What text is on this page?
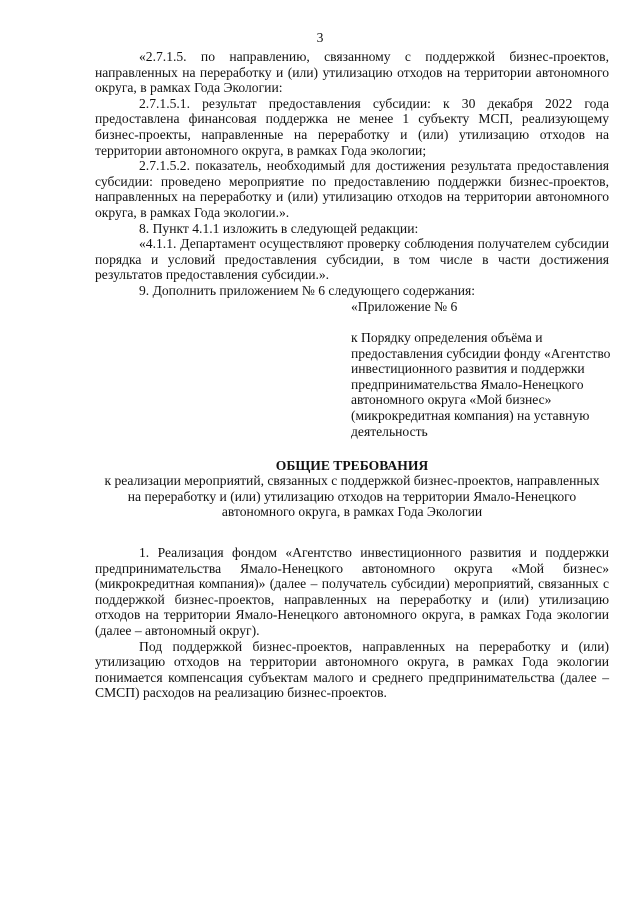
3

«2.7.1.5. по направлению, связанному с поддержкой бизнес-проектов, направленных на переработку и (или) утилизацию отходов на территории автономного округа, в рамках Года Экологии:

2.7.1.5.1. результат предоставления субсидии: к 30 декабря 2022 года предоставлена финансовая поддержка не менее 1 субъекту МСП, реализующему бизнес-проекты, направленные на переработку и (или) утилизацию отходов на территории автономного округа, в рамках Года экологии;

2.7.1.5.2. показатель, необходимый для достижения результата предоставления субсидии: проведено мероприятие по предоставлению поддержки бизнес-проектов, направленных на переработку и (или) утилизацию отходов на территории автономного округа, в рамках Года экологии.».

8. Пункт 4.1.1 изложить в следующей редакции:

«4.1.1. Департамент осуществляют проверку соблюдения получателем субсидии порядка и условий предоставления субсидии, в том числе в части достижения результатов предоставления субсидии.».

9. Дополнить приложением № 6 следующего содержания:

«Приложение № 6
к Порядку определения объёма и предоставления субсидии фонду «Агентство инвестиционного развития и поддержки предпринимательства Ямало-Ненецкого автономного округа «Мой бизнес» (микрокредитная компания) на уставную деятельность
ОБЩИЕ ТРЕБОВАНИЯ
к реализации мероприятий, связанных с поддержкой бизнес-проектов, направленных на переработку и (или) утилизацию отходов на территории Ямало-Ненецкого автономного округа, в рамках Года Экологии

1. Реализация фондом «Агентство инвестиционного развития и поддержки предпринимательства Ямало-Ненецкого автономного округа «Мой бизнес» (микрокредитная компания)» (далее – получатель субсидии) мероприятий, связанных с поддержкой бизнес-проектов, направленных на переработку и (или) утилизацию отходов на территории Ямало-Ненецкого автономного округа, в рамках Года экологии (далее – автономный округ).

Под поддержкой бизнес-проектов, направленных на переработку и (или) утилизацию отходов на территории автономного округа, в рамках Года экологии понимается компенсация субъектам малого и среднего предпринимательства (далее – СМСП) расходов на реализацию бизнес-проектов.
